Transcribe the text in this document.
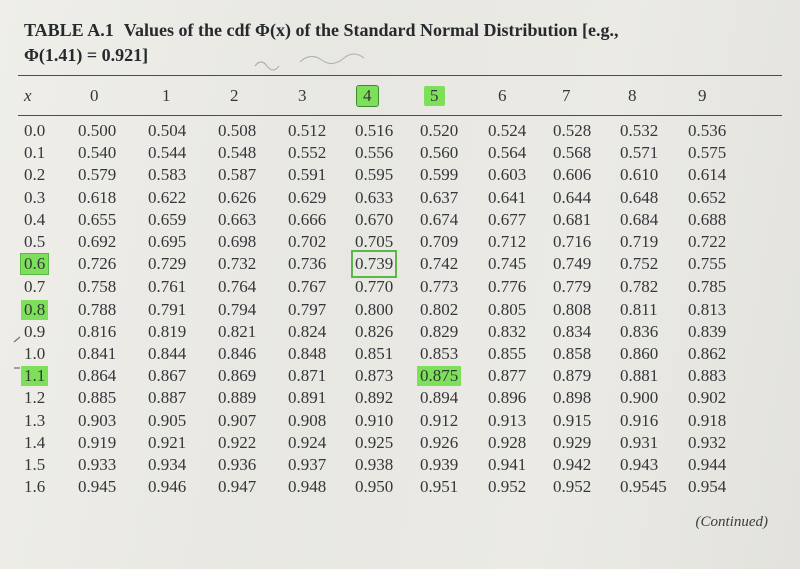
TABLE A.1 Values of the cdf Φ(x) of the Standard Normal Distribution [e.g.,
Φ(1.41) = 0.921]
x	0	1	2	3	4	5	6	7	8	9
0.0 0.500 0.504 0.508 0.512 0.516 0.520 0.524 0.528 0.532 0.536
0.1 0.540 0.544 0.548 0.552 0.556 0.560 0.564 0.568 0.571 0.575
0.2 0.579 0.583 0.587 0.591 0.595 0.599 0.603 0.606 0.610 0.614
0.3 0.618 0.622 0.626 0.629 0.633 0.637 0.641 0.644 0.648 0.652
0.4 0.655 0.659 0.663 0.666 0.670 0.674 0.677 0.681 0.684 0.688
0.5 0.692 0.695 0.698 0.702 0.705 0.709 0.712 0.716 0.719 0.722
0.6 0.726 0.729 0.732 0.736 0.739 0.742 0.745 0.749 0.752 0.755
0.7 0.758 0.761 0.764 0.767 0.770 0.773 0.776 0.779 0.782 0.785
0.8 0.788 0.791 0.794 0.797 0.800 0.802 0.805 0.808 0.811 0.813
0.9 0.816 0.819 0.821 0.824 0.826 0.829 0.832 0.834 0.836 0.839
1.0 0.841 0.844 0.846 0.848 0.851 0.853 0.855 0.858 0.860 0.862
1.1 0.864 0.867 0.869 0.871 0.873 0.875 0.877 0.879 0.881 0.883
1.2 0.885 0.887 0.889 0.891 0.892 0.894 0.896 0.898 0.900 0.902
1.3 0.903 0.905 0.907 0.908 0.910 0.912 0.913 0.915 0.916 0.918
1.4 0.919 0.921 0.922 0.924 0.925 0.926 0.928 0.929 0.931 0.932
1.5 0.933 0.934 0.936 0.937 0.938 0.939 0.941 0.942 0.943 0.944
1.6 0.945 0.946 0.947 0.948 0.950 0.951 0.952 0.952 0.9545 0.954
(Continued)
